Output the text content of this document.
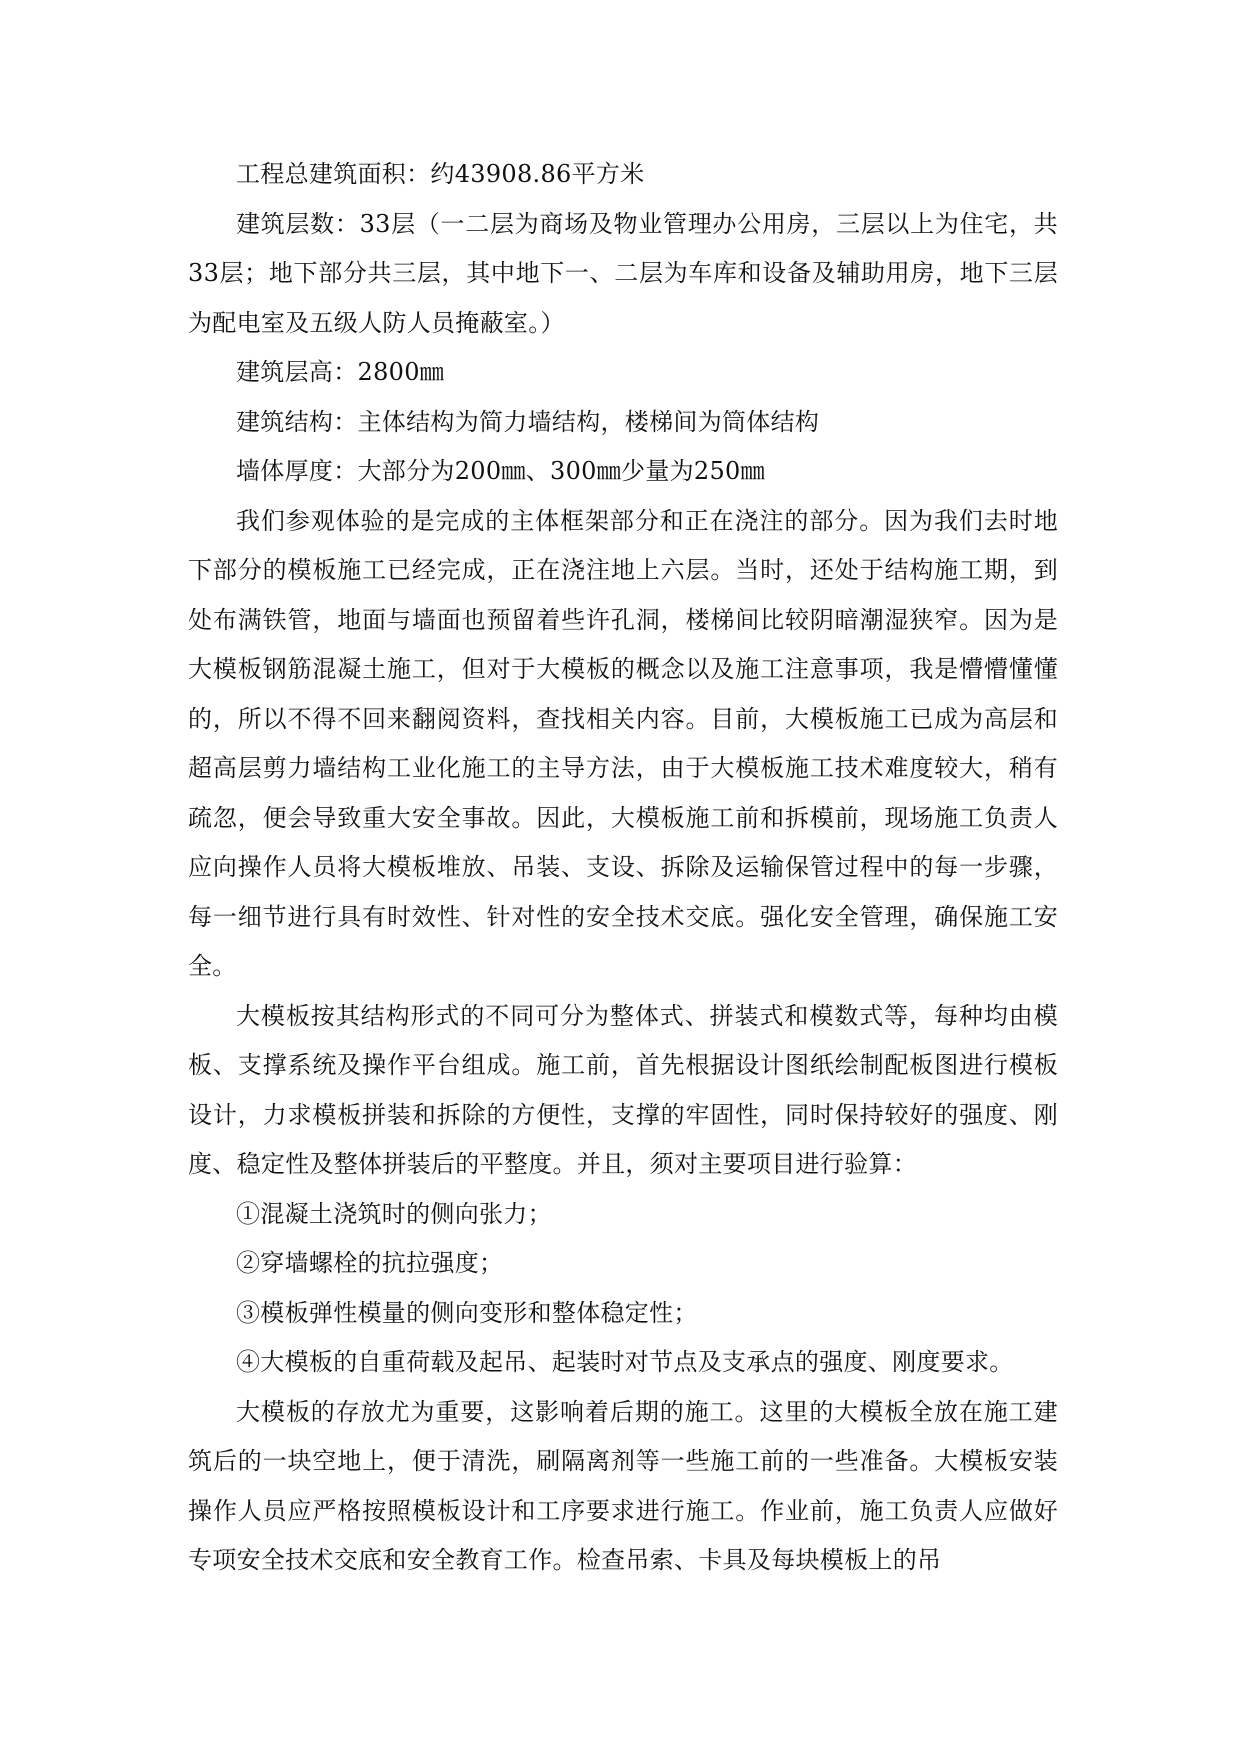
工程总建筑面积：约43908.86平方米

建筑层数：33层（一二层为商场及物业管理办公用房，三层以上为住宅，共33层；地下部分共三层，其中地下一、二层为车库和设备及辅助用房，地下三层为配电室及五级人防人员掩蔽室。）

建筑层高：2800㎜

建筑结构：主体结构为简力墙结构，楼梯间为筒体结构

墙体厚度：大部分为200㎜、300㎜少量为250㎜

我们参观体验的是完成的主体框架部分和正在浇注的部分。因为我们去时地下部分的模板施工已经完成，正在浇注地上六层。当时，还处于结构施工期，到处布满铁管，地面与墙面也预留着些许孔洞，楼梯间比较阴暗潮湿狭窄。因为是大模板钢筋混凝土施工，但对于大模板的概念以及施工注意事项，我是懵懵懂懂的，所以不得不回来翻阅资料，查找相关内容。目前，大模板施工已成为高层和超高层剪力墙结构工业化施工的主导方法，由于大模板施工技术难度较大，稍有疏忽，便会导致重大安全事故。因此，大模板施工前和拆模前，现场施工负责人应向操作人员将大模板堆放、吊装、支设、拆除及运输保管过程中的每一步骤，每一细节进行具有时效性、针对性的安全技术交底。强化安全管理，确保施工安全。

大模板按其结构形式的不同可分为整体式、拼装式和模数式等，每种均由模板、支撑系统及操作平台组成。施工前，首先根据设计图纸绘制配板图进行模板设计，力求模板拼装和拆除的方便性，支撑的牢固性，同时保持较好的强度、刚度、稳定性及整体拼装后的平整度。并且，须对主要项目进行验算：

①混凝土浇筑时的侧向张力；

②穿墙螺栓的抗拉强度；

③模板弹性模量的侧向变形和整体稳定性；

④大模板的自重荷载及起吊、起装时对节点及支承点的强度、刚度要求。

大模板的存放尤为重要，这影响着后期的施工。这里的大模板全放在施工建筑后的一块空地上，便于清洗，刷隔离剂等一些施工前的一些准备。大模板安装操作人员应严格按照模板设计和工序要求进行施工。作业前，施工负责人应做好专项安全技术交底和安全教育工作。检查吊索、卡具及每块模板上的吊
